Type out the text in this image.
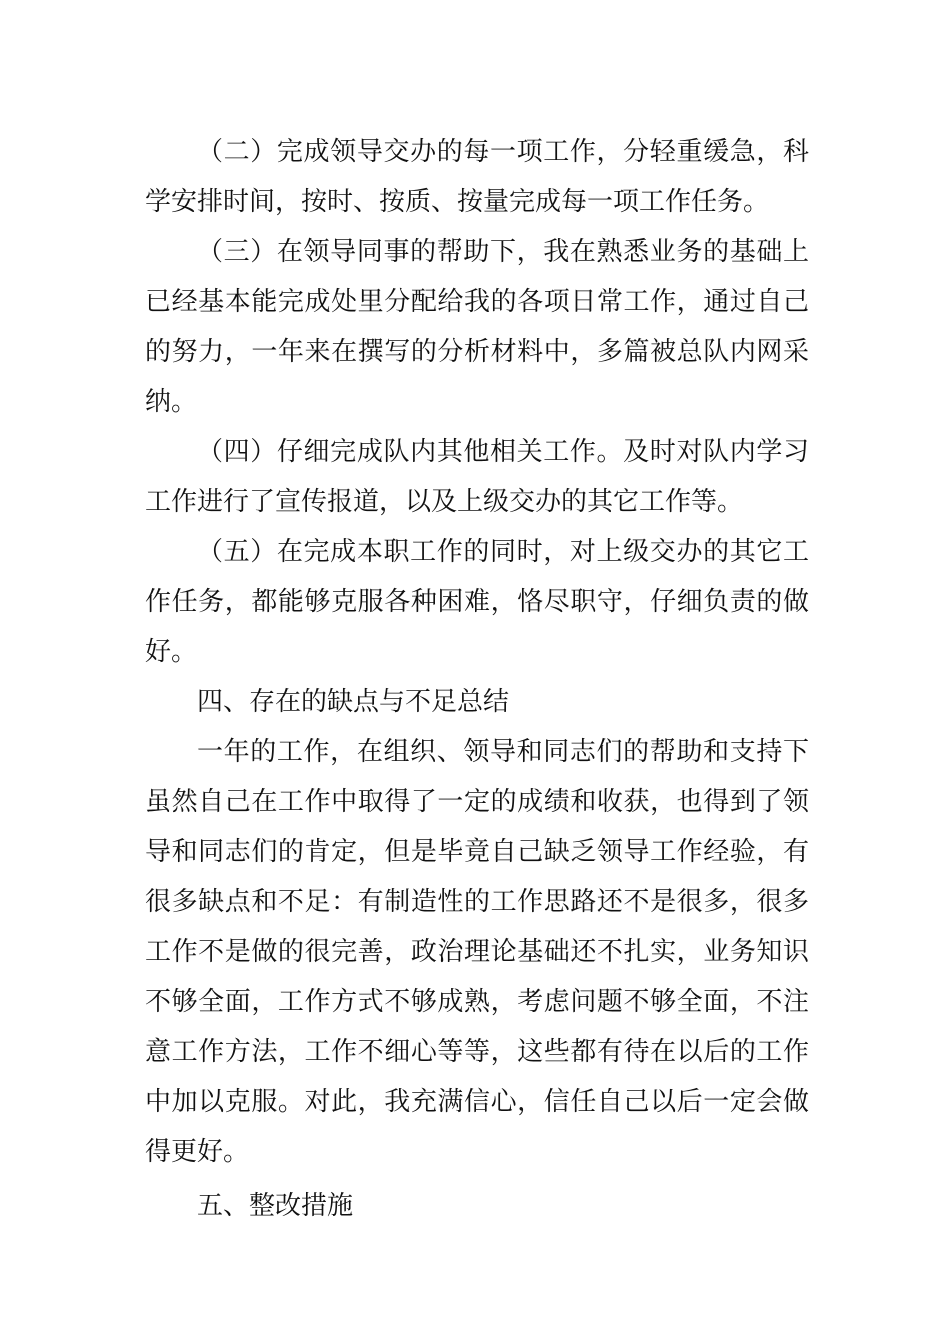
（二）完成领导交办的每一项工作，分轻重缓急，科学安排时间，按时、按质、按量完成每一项工作任务。

（三）在领导同事的帮助下，我在熟悉业务的基础上已经基本能完成处里分配给我的各项日常工作，通过自己的努力，一年来在撰写的分析材料中，多篇被总队内网采纳。

（四）仔细完成队内其他相关工作。及时对队内学习工作进行了宣传报道，以及上级交办的其它工作等。

（五）在完成本职工作的同时，对上级交办的其它工作任务，都能够克服各种困难，恪尽职守，仔细负责的做好。

四、存在的缺点与不足总结

一年的工作，在组织、领导和同志们的帮助和支持下虽然自己在工作中取得了一定的成绩和收获，也得到了领导和同志们的肯定，但是毕竟自己缺乏领导工作经验，有很多缺点和不足：有制造性的工作思路还不是很多，很多工作不是做的很完善，政治理论基础还不扎实，业务知识不够全面，工作方式不够成熟，考虑问题不够全面，不注意工作方法，工作不细心等等，这些都有待在以后的工作中加以克服。对此，我充满信心，信任自己以后一定会做得更好。

五、整改措施
